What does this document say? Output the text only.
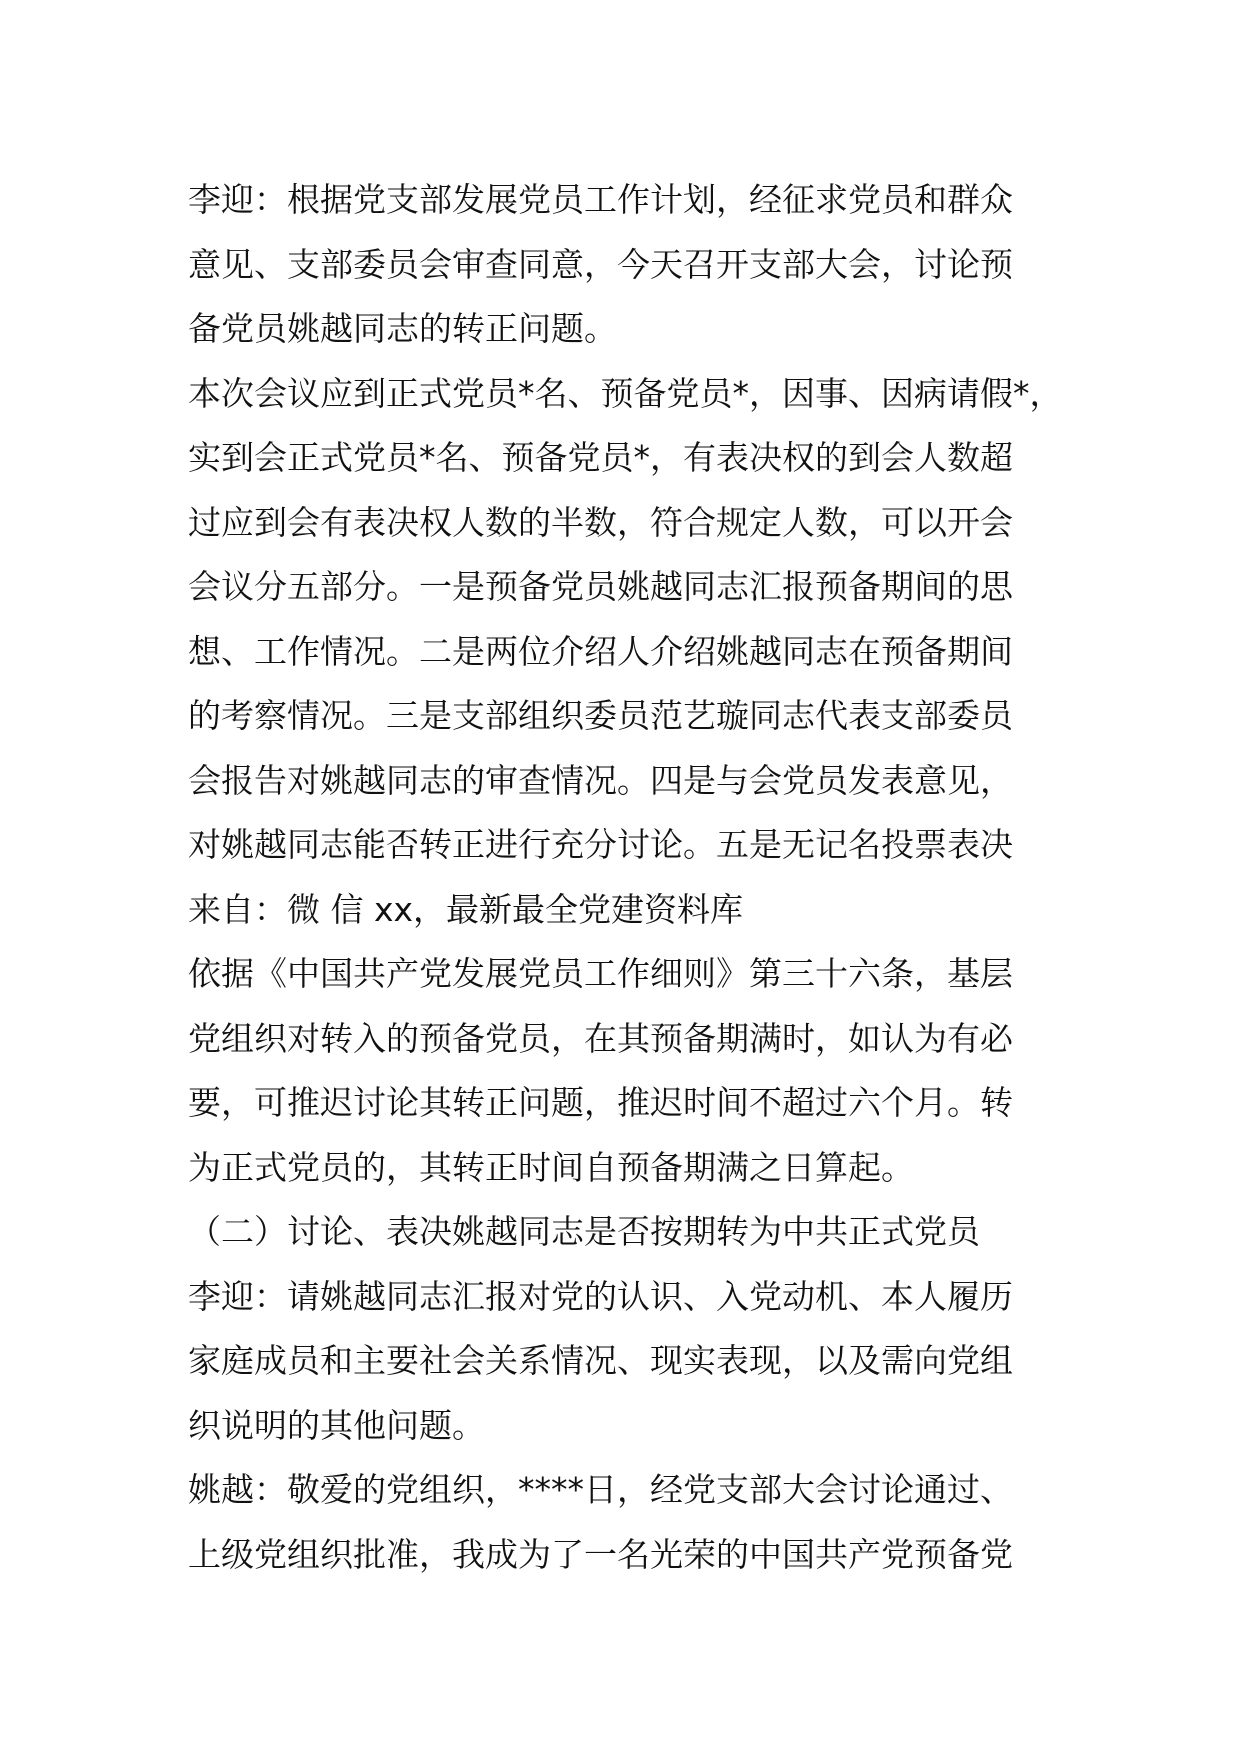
李迎：根据党支部发展党员工作计划，经征求党员和群众
意见、支部委员会审查同意，今天召开支部大会，讨论预
备党员姚越同志的转正问题。
本次会议应到正式党员*名、预备党员*，因事、因病请假*，
实到会正式党员*名、预备党员*，有表决权的到会人数超
过应到会有表决权人数的半数，符合规定人数，可以开会
会议分五部分。一是预备党员姚越同志汇报预备期间的思
想、工作情况。二是两位介绍人介绍姚越同志在预备期间
的考察情况。三是支部组织委员范艺璇同志代表支部委员
会报告对姚越同志的审查情况。四是与会党员发表意见，
对姚越同志能否转正进行充分讨论。五是无记名投票表决
来自：微 信 xx，最新最全党建资料库
依据《中国共产党发展党员工作细则》第三十六条，基层
党组织对转入的预备党员，在其预备期满时，如认为有必
要，可推迟讨论其转正问题，推迟时间不超过六个月。转
为正式党员的，其转正时间自预备期满之日算起。
（二）讨论、表决姚越同志是否按期转为中共正式党员
李迎：请姚越同志汇报对党的认识、入党动机、本人履历
家庭成员和主要社会关系情况、现实表现，以及需向党组
织说明的其他问题。
姚越：敬爱的党组织，****日，经党支部大会讨论通过、
上级党组织批准，我成为了一名光荣的中国共产党预备党
